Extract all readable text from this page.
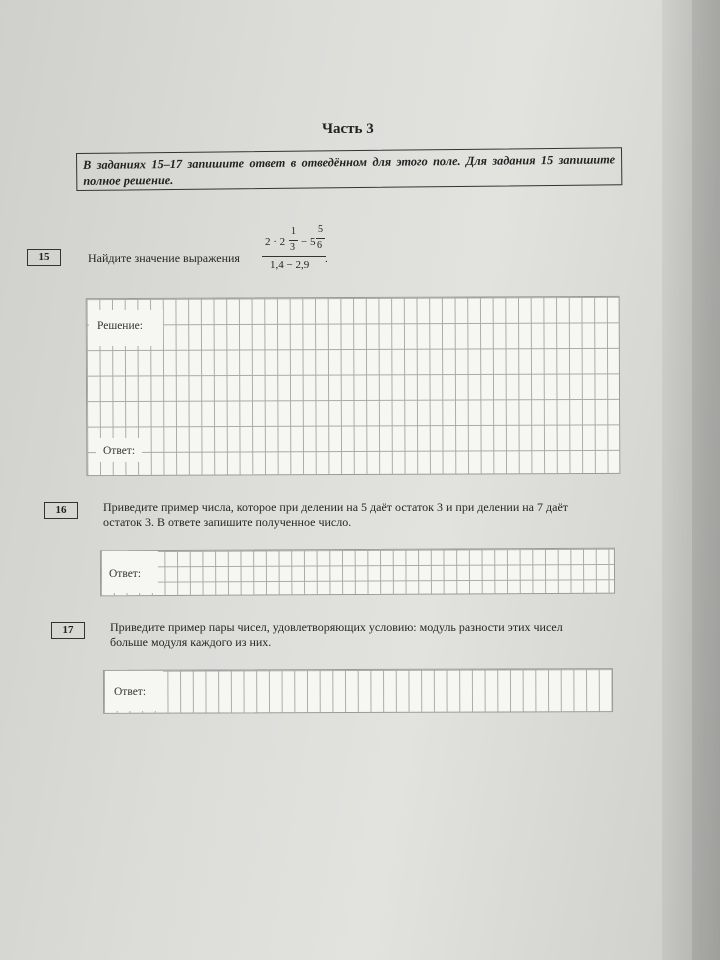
Часть 3
В заданиях 15–17 запишите ответ в отведённом для этого поле. Для задания 15 запишите полное решение.
15	Найдите значение выражения
2 · 2
1
3 − 5
5
6
1,4 − 2,9 .
Решение:
Ответ:
16	Приведите пример числа, которое при делении на 5 даёт остаток 3 и при делении на 7 даёт
остаток 3. В ответе запишите полученное число.
Ответ:
17	Приведите пример пары чисел, удовлетворяющих условию: модуль разности этих чисел
больше модуля каждого из них.
Ответ:
